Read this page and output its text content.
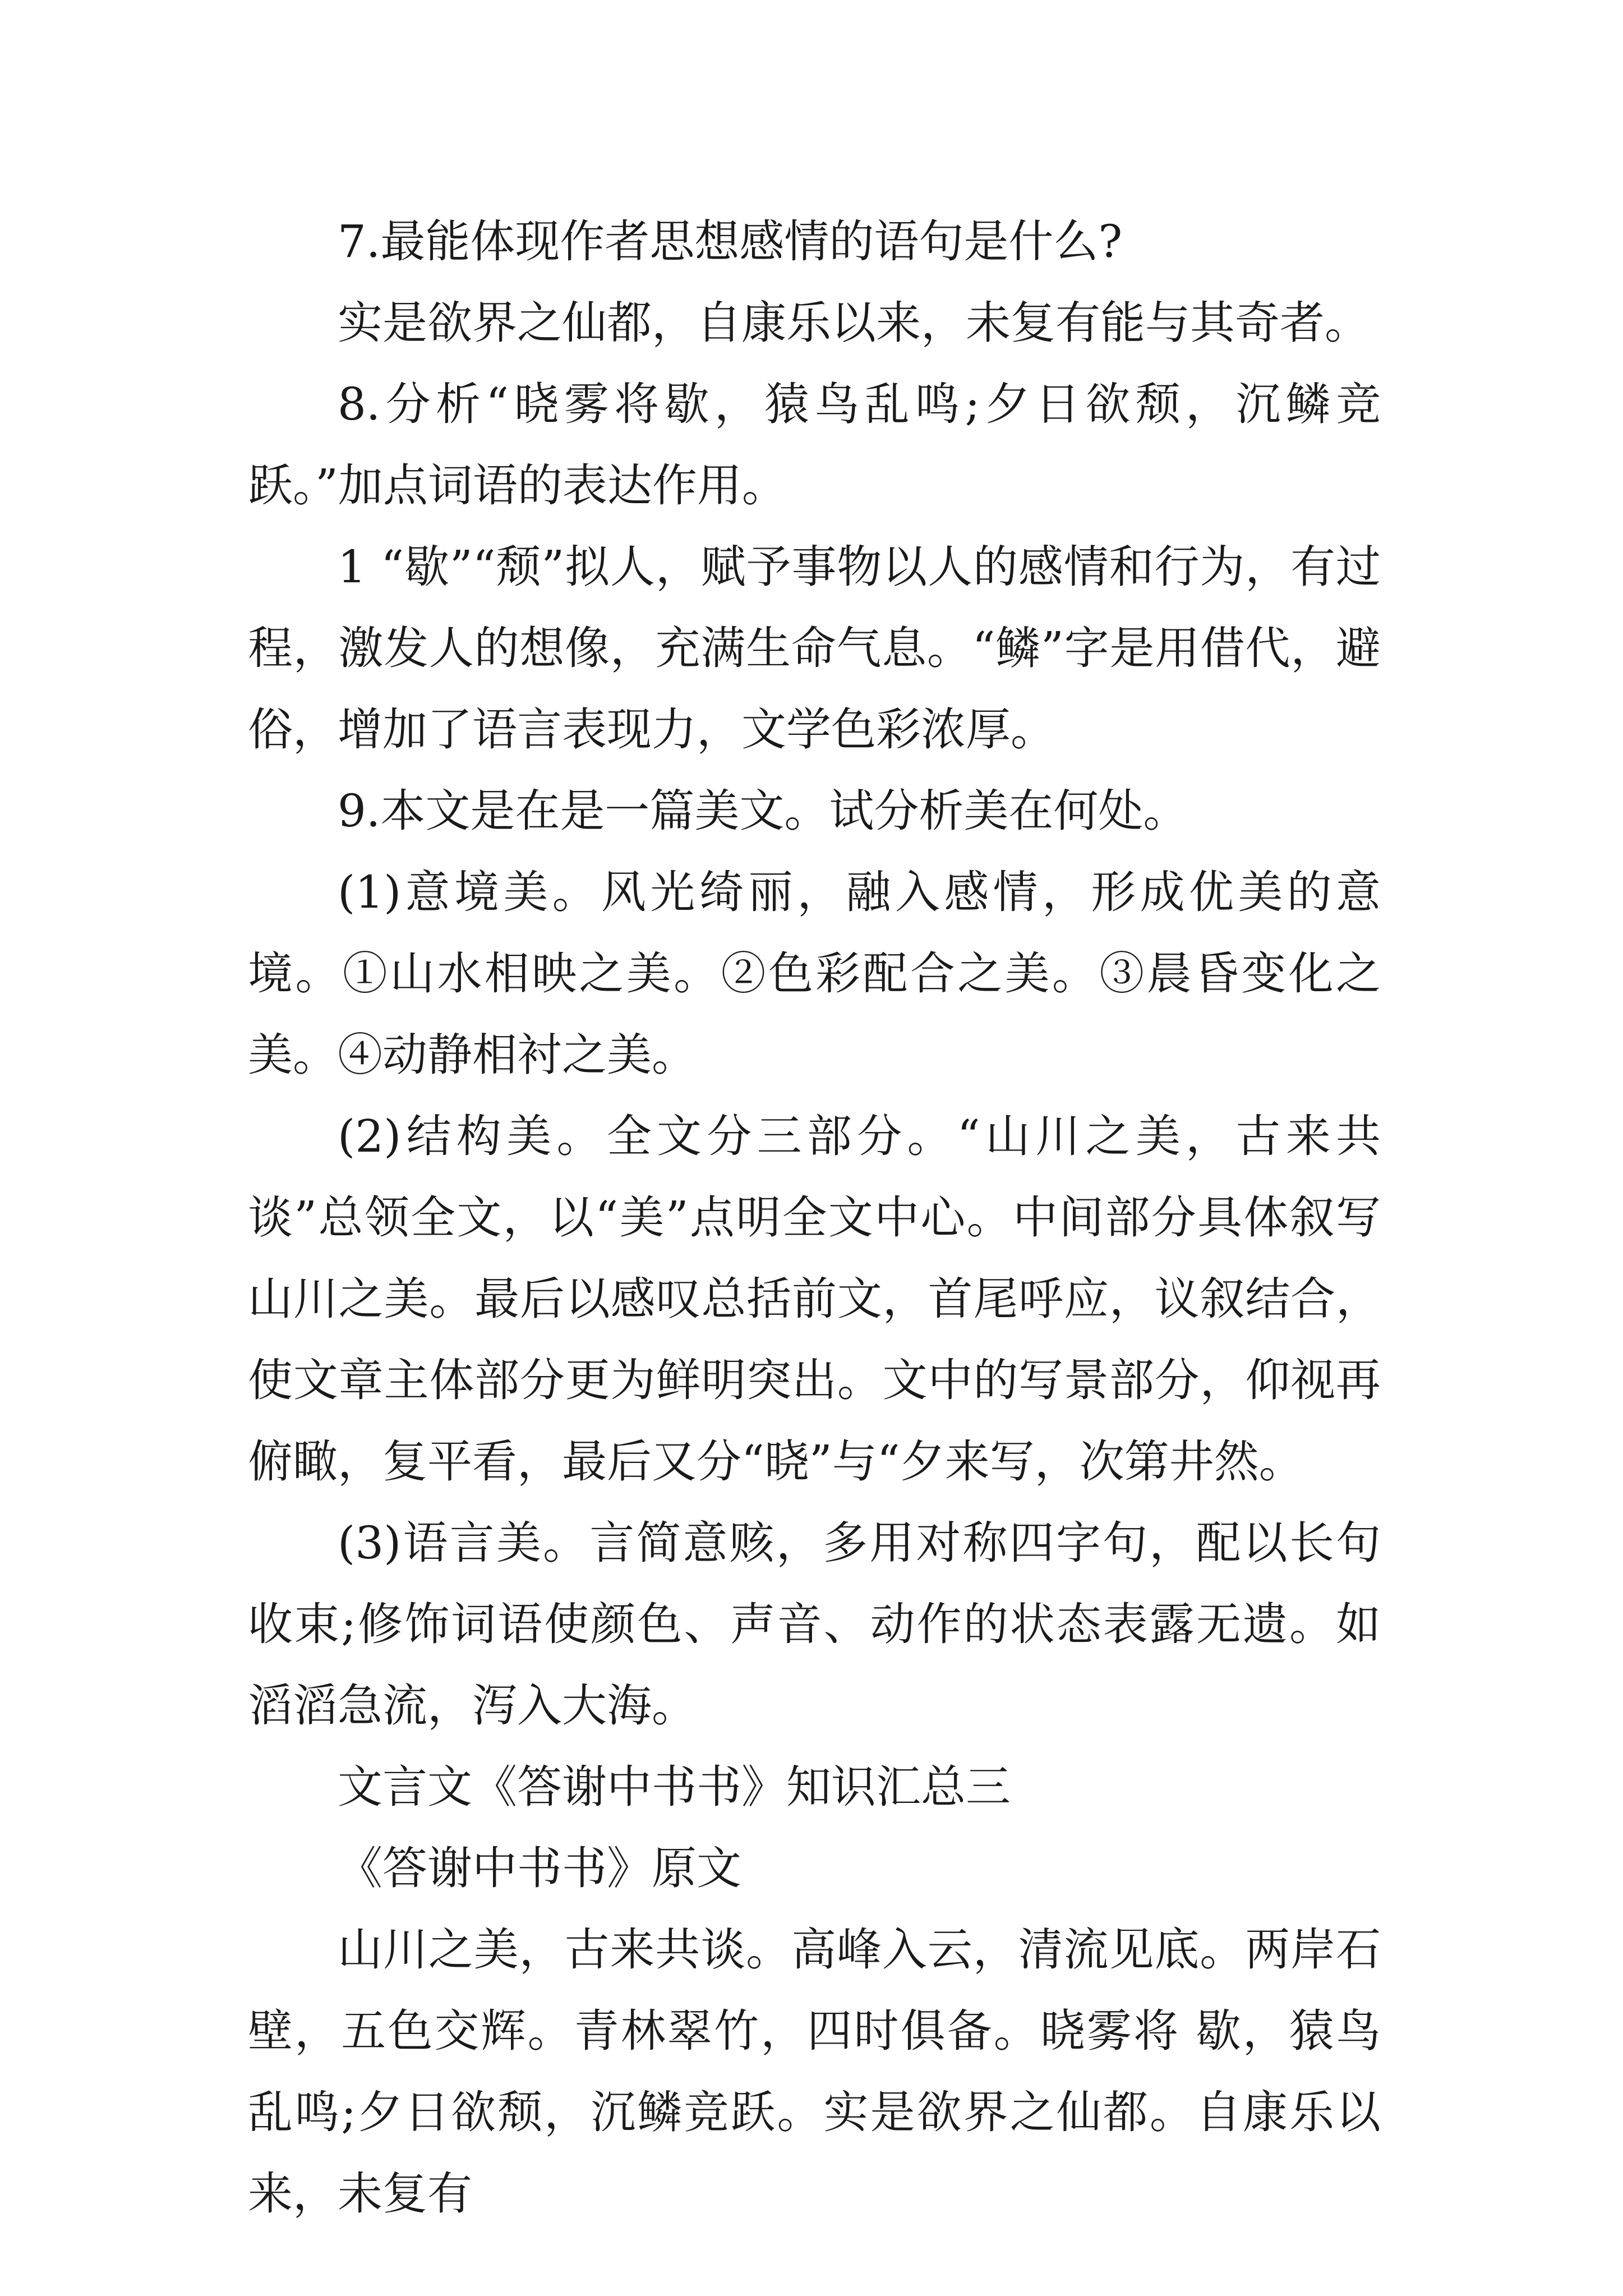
7.最能体现作者思想感情的语句是什么?

实是欲界之仙都，自康乐以来，未复有能与其奇者。

8.分析“晓雾将歇，猿鸟乱鸣;夕日欲颓，沉鳞竞跃。”加点词语的表达作用。

1 “歇”“颓”拟人，赋予事物以人的感情和行为，有过程，激发人的想像，充满生命气息。“鳞”字是用借代，避俗，增加了语言表现力，文学色彩浓厚。

9.本文是在是一篇美文。试分析美在何处。

(1)意境美。风光绮丽，融入感情，形成优美的意境。①山水相映之美。②色彩配合之美。③晨昏变化之美。④动静相衬之美。

(2)结构美。全文分三部分。“山川之美，古来共谈”总领全文，以“美”点明全文中心。中间部分具体叙写山川之美。最后以感叹总括前文，首尾呼应，议叙结合，使文章主体部分更为鲜明突出。文中的写景部分，仰视再俯瞰，复平看，最后又分“晓”与“夕来写，次第井然。

(3)语言美。言简意赅，多用对称四字句，配以长句收束;修饰词语使颜色、声音、动作的状态表露无遗。如滔滔急流，泻入大海。

文言文《答谢中书书》知识汇总三

《答谢中书书》原文

山川之美，古来共谈。高峰入云，清流见底。两岸石壁，五色交辉。青林翠竹，四时俱备。晓雾将 歇，猿鸟乱鸣;夕日欲颓，沉鳞竞跃。实是欲界之仙都。自康乐以来，未复有
